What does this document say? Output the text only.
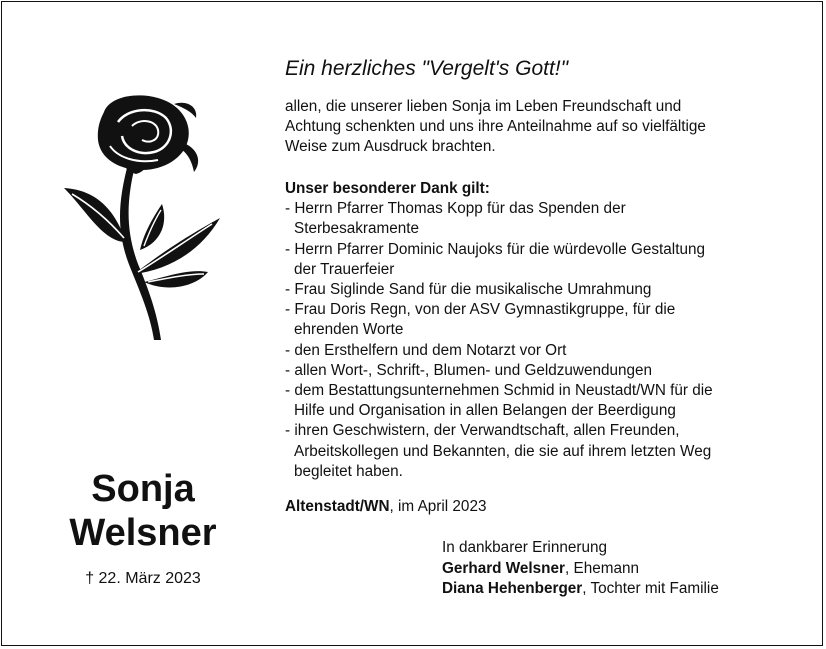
Sonja
Welsner
† 22. März 2023
Ein herzliches "Vergelt's Gott!"
allen, die unserer lieben Sonja im Leben Freundschaft und
Achtung schenkten und uns ihre Anteilnahme auf so vielfältige
Weise zum Ausdruck brachten.
Unser besonderer Dank gilt:
- Herrn Pfarrer Thomas Kopp für das Spenden der
Sterbesakramente
- Herrn Pfarrer Dominic Naujoks für die würdevolle Gestaltung
der Trauerfeier
- Frau Siglinde Sand für die musikalische Umrahmung
- Frau Doris Regn, von der ASV Gymnastikgruppe, für die
ehrenden Worte
- den Ersthelfern und dem Notarzt vor Ort
- allen Wort-, Schrift-, Blumen- und Geldzuwendungen
- dem Bestattungsunternehmen Schmid in Neustadt/WN für die
Hilfe und Organisation in allen Belangen der Beerdigung
- ihren Geschwistern, der Verwandtschaft, allen Freunden,
Arbeitskollegen und Bekannten, die sie auf ihrem letzten Weg
begleitet haben.
Altenstadt/WN, im April 2023
In dankbarer Erinnerung
Gerhard Welsner, Ehemann
Diana Hehenberger, Tochter mit Familie
